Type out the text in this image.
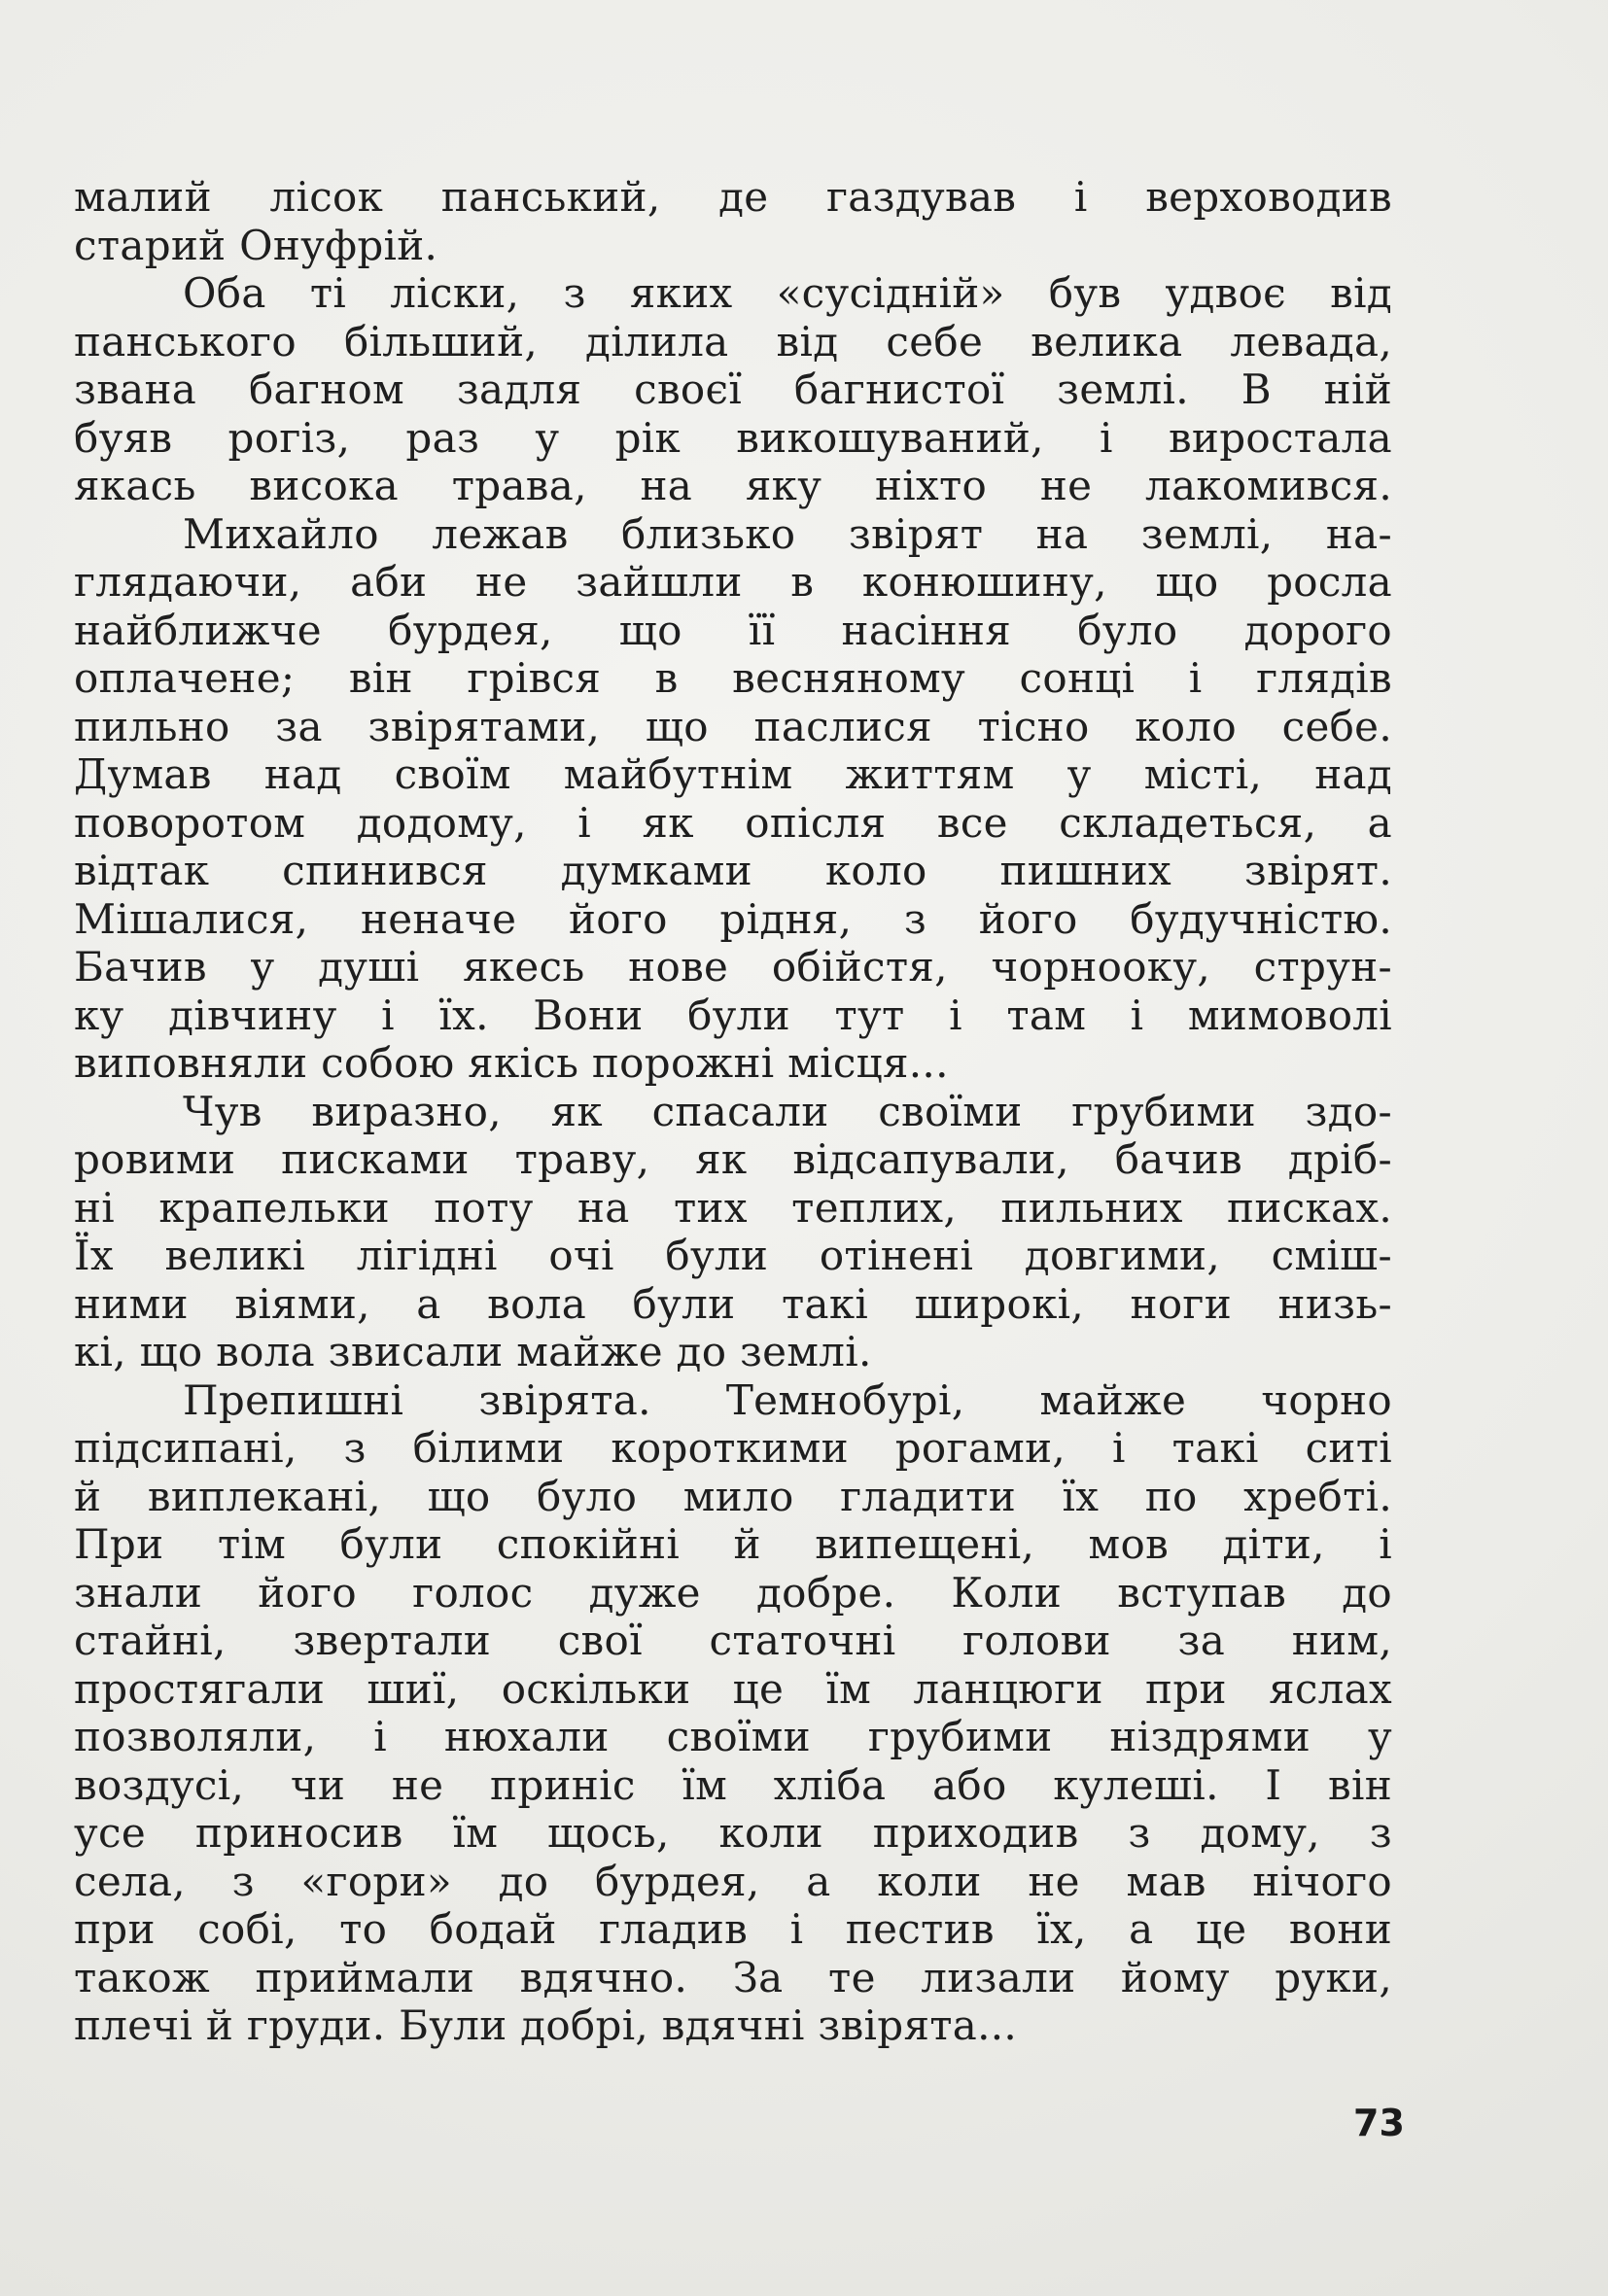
малий лісок панський, де газдував і верховодив
старий Онуфрій.
Оба ті ліски, з яких «сусідній» був удвоє від
панського більший, ділила від себе велика левада,
звана багном задля своєї багнистої землі. В ній
буяв рогіз, раз у рік викошуваний, і виростала
якась висока трава, на яку ніхто не лакомився.
Михайло лежав близько звірят на землі, на-
глядаючи, аби не зайшли в конюшину, що росла
найближче бурдея, що її насіння було дорого
оплачене; він грівся в весняному сонці і глядів
пильно за звірятами, що паслися тісно коло себе.
Думав над своїм майбутнім життям у місті, над
поворотом додому, і як опісля все складеться, а
відтак спинився думками коло пишних звірят.
Мішалися, неначе його рідня, з його будучністю.
Бачив у душі якесь нове обійстя, чорнооку, струн-
ку дівчину і їх. Вони були тут і там і мимоволі
виповняли собою якісь порожні місця...
Чув виразно, як спасали своїми грубими здо-
ровими писками траву, як відсапували, бачив дріб-
ні крапельки поту на тих теплих, пильних писках.
Їх великі лігідні очі були отінені довгими, сміш-
ними віями, а вола були такі широкі, ноги низь-
кі, що вола звисали майже до землі.
Препишні звірята. Темнобурі, майже чорно
підсипані, з білими короткими рогами, і такі ситі
й виплекані, що було мило гладити їх по хребті.
При тім були спокійні й випещені, мов діти, і
знали його голос дуже добре. Коли вступав до
стайні, звертали свої статочні голови за ним,
простягали шиї, оскільки це їм ланцюги при яслах
позволяли, і нюхали своїми грубими ніздрями у
воздусі, чи не приніс їм хліба або кулеші. І він
усе приносив їм щось, коли приходив з дому, з
села, з «гори» до бурдея, а коли не мав нічого
при собі, то бодай гладив і пестив їх, а це вони
також приймали вдячно. За те лизали йому руки,
плечі й груди. Були добрі, вдячні звірята...
73
